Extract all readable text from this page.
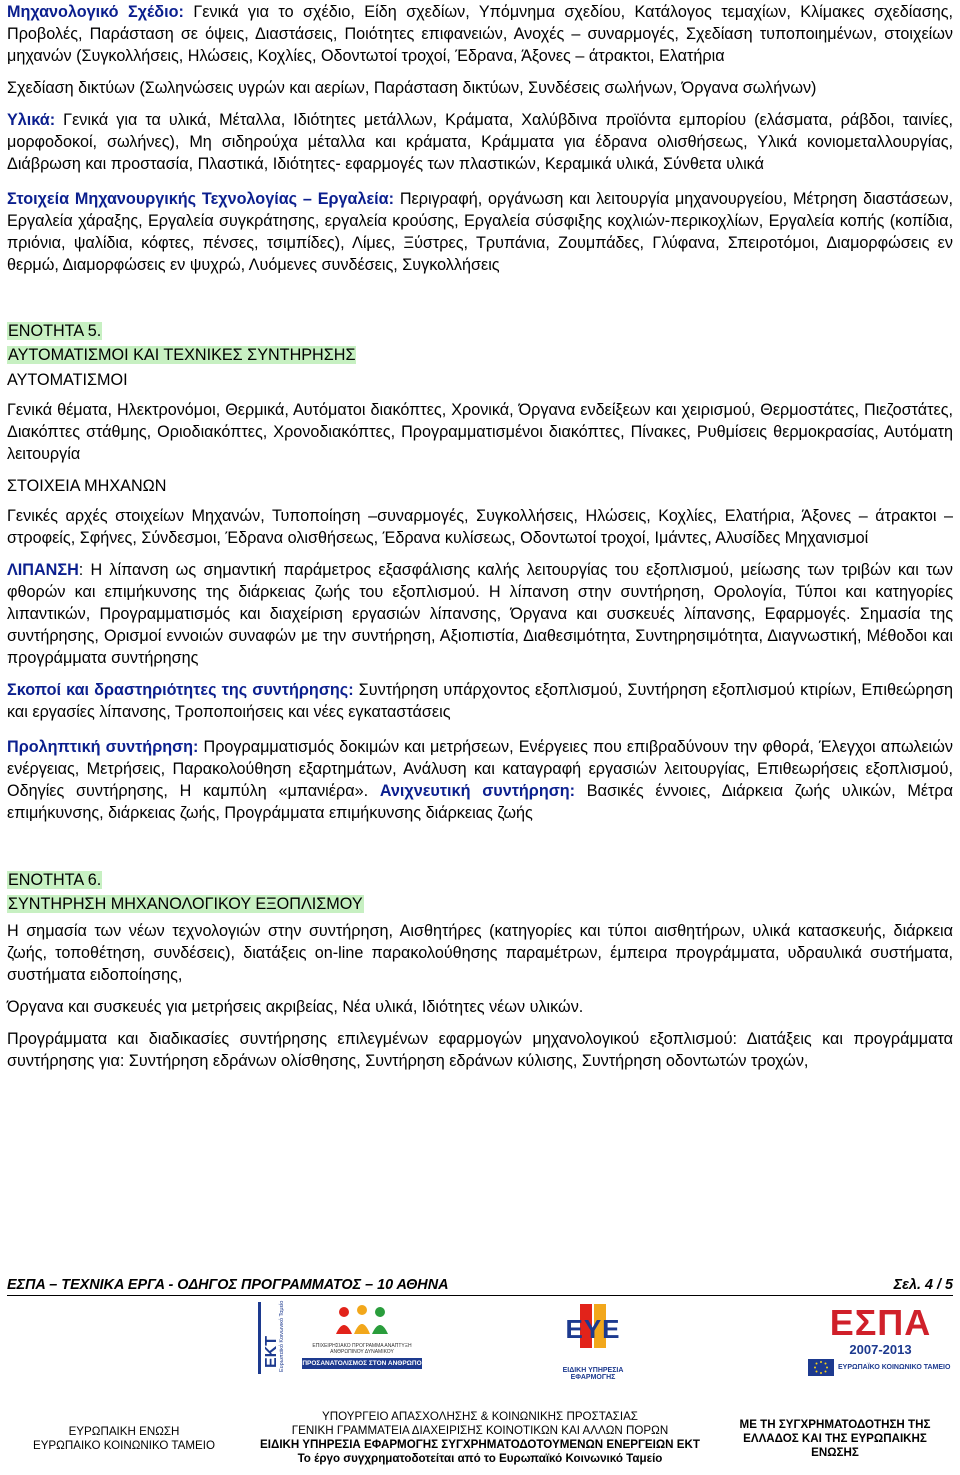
Μηχανολογικό Σχέδιο: Γενικά για το σχέδιο, Είδη σχεδίων, Υπόμνημα σχεδίου, Κατάλογος τεμαχίων, Κλίμακες σχεδίασης, Προβολές, Παράσταση σε όψεις, Διαστάσεις, Ποιότητες επιφανειών, Ανοχές – συναρμογές, Σχεδίαση τυποποιημένων, στοιχείων μηχανών (Συγκολλήσεις, Ηλώσεις, Κοχλίες, Οδοντωτοί τροχοί, Έδρανα, Άξονες – άτρακτοι, Ελατήρια

Σχεδίαση δικτύων (Σωληνώσεις υγρών και αερίων, Παράσταση δικτύων, Συνδέσεις σωλήνων, Όργανα σωλήνων)

Υλικά: Γενικά για τα υλικά, Μέταλλα, Ιδιότητες μετάλλων, Κράματα, Χαλύβδινα προϊόντα εμπορίου (ελάσματα, ράβδοι, ταινίες, μορφοδοκοί, σωλήνες), Μη σιδηρούχα μέταλλα και κράματα, Κράμματα για έδρανα ολισθήσεως, Υλικά κονιομεταλλουργίας, Διάβρωση και προστασία, Πλαστικά, Ιδιότητες- εφαρμογές των πλαστικών, Κεραμικά υλικά, Σύνθετα υλικά

Στοιχεία Μηχανουργικής Τεχνολογίας – Εργαλεία: Περιγραφή, οργάνωση και λειτουργία μηχανουργείου, Μέτρηση διαστάσεων, Εργαλεία χάραξης, Εργαλεία συγκράτησης, εργαλεία κρούσης, Εργαλεία σύσφιξης κοχλιών-περικοχλίων, Εργαλεία κοπής (κοπίδια, πριόνια, ψαλίδια, κόφτες, πένσες, τσιμπίδες), Λίμες, Ξύστρες, Τρυπάνια, Ζουμπάδες, Γλύφανα, Σπειροτόμοι, Διαμορφώσεις εν θερμώ, Διαμορφώσεις εν ψυχρώ, Λυόμενες συνδέσεις, Συγκολλήσεις

ΕΝΟΤΗΤΑ 5.
ΑΥΤΟΜΑΤΙΣΜΟΙ ΚΑΙ ΤΕΧΝΙΚΕΣ ΣΥΝΤΗΡΗΣΗΣ

ΑΥΤΟΜΑΤΙΣΜΟΙ

Γενικά θέματα, Ηλεκτρονόμοι, Θερμικά, Αυτόματοι διακόπτες, Χρονικά, Όργανα ενδείξεων και χειρισμού, Θερμοστάτες, Πιεζοστάτες, Διακόπτες στάθμης, Οριοδιακόπτες, Χρονοδιακόπτες, Προγραμματισμένοι διακόπτες, Πίνακες, Ρυθμίσεις θερμοκρασίας, Αυτόματη λειτουργία

ΣΤΟΙΧΕΙΑ ΜΗΧΑΝΩΝ

Γενικές αρχές στοιχείων Μηχανών, Τυποποίηση –συναρμογές, Συγκολλήσεις, Ηλώσεις, Κοχλίες, Ελατήρια, Άξονες – άτρακτοι – στροφείς, Σφήνες, Σύνδεσμοι, Έδρανα ολισθήσεως, Έδρανα κυλίσεως, Οδοντωτοί τροχοί, Ιμάντες, Αλυσίδες Μηχανισμοί

ΛΙΠΑΝΣΗ: Η λίπανση ως σημαντική παράμετρος εξασφάλισης καλής λειτουργίας του εξοπλισμού, μείωσης των τριβών και των φθορών και επιμήκυνσης της διάρκειας ζωής του εξοπλισμού. Η λίπανση στην συντήρηση, Ορολογία, Τύποι και κατηγορίες λιπαντικών, Προγραμματισμός και διαχείριση εργασιών λίπανσης, Όργανα και συσκευές λίπανσης, Εφαρμογές. Σημασία της συντήρησης, Ορισμοί εννοιών συναφών με την συντήρηση, Αξιοπιστία, Διαθεσιμότητα, Συντηρησιμότητα, Διαγνωστική, Μέθοδοι και προγράμματα συντήρησης

Σκοποί και δραστηριότητες της συντήρησης: Συντήρηση υπάρχοντος εξοπλισμού, Συντήρηση εξοπλισμού κτιρίων, Επιθεώρηση και εργασίες λίπανσης, Τροποποιήσεις και νέες εγκαταστάσεις

Προληπτική συντήρηση: Προγραμματισμός δοκιμών και μετρήσεων, Ενέργειες που επιβραδύνουν την φθορά, Έλεγχοι απωλειών ενέργειας, Μετρήσεις, Παρακολούθηση εξαρτημάτων, Ανάλυση και καταγραφή εργασιών λειτουργίας, Επιθεωρήσεις εξοπλισμού, Οδηγίες συντήρησης, Η καμπύλη «μπανιέρα». Ανιχνευτική συντήρηση: Βασικές έννοιες, Διάρκεια ζωής υλικών, Μέτρα επιμήκυνσης, διάρκειας ζωής, Προγράμματα επιμήκυνσης διάρκειας ζωής

ΕΝΟΤΗΤΑ 6.
ΣΥΝΤΗΡΗΣΗ ΜΗΧΑΝΟΛΟΓΙΚΟΥ ΕΞΟΠΛΙΣΜΟΥ

Η σημασία των νέων τεχνολογιών στην συντήρηση, Αισθητήρες (κατηγορίες και τύποι αισθητήρων, υλικά κατασκευής, διάρκεια ζωής, τοποθέτηση, συνδέσεις), διατάξεις on-line παρακολούθησης παραμέτρων, έμπειρα προγράμματα, υδραυλικά συστήματα, συστήματα ειδοποίησης,

Όργανα και συσκευές για μετρήσεις ακριβείας, Νέα υλικά, Ιδιότητες νέων υλικών.

Προγράμματα και διαδικασίες συντήρησης επιλεγμένων εφαρμογών μηχανολογικού εξοπλισμού: Διατάξεις και προγράμματα συντήρησης για: Συντήρηση εδράνων ολίσθησης, Συντήρηση εδράνων κύλισης, Συντήρηση οδοντωτών τροχών,

ΕΣΠΑ – ΤΕΧΝΙΚΑ ΕΡΓΑ - ΟΔΗΓΟΣ ΠΡΟΓΡΑΜΜΑΤΟΣ – 10 ΑΘΗΝΑ	Σελ. 4 / 5
ΕΚΤ Ευρωπαϊκό Κοινωνικό Ταμείο	ΕΠΙΧΕΙΡΗΣΙΑΚΟ ΠΡΟΓΡΑΜΜΑ ΑΝΑΠΤΥΞΗ ΑΝΘΡΩΠΙΝΟΥ ΔΥΝΑΜΙΚΟΥ
ΠΡΟΣΑΝΑΤΟΛΙΣΜΟΣ ΣΤΟΝ ΑΝΘΡΩΠΟ
ΕΥΕ
ΕΙΔΙΚΗ ΥΠΗΡΕΣΙΑ ΕΦΑΡΜΟΓΗΣ
ΕΣΠΑ
2007-2013
ΕΥΡΩΠΑΪΚΟ ΚΟΙΝΩΝΙΚΟ ΤΑΜΕΙΟ
ΕΥΡΩΠΑΙΚΗ ΕΝΩΣΗ
ΕΥΡΩΠΑΙΚΟ ΚΟΙΝΩΝΙΚΟ ΤΑΜΕΙΟ
ΥΠΟΥΡΓΕΙΟ ΑΠΑΣΧΟΛΗΣΗΣ & ΚΟΙΝΩΝΙΚΗΣ ΠΡΟΣΤΑΣΙΑΣ
ΓΕΝΙΚΗ ΓΡΑΜΜΑΤΕΙΑ ΔΙΑΧΕΙΡΙΣΗΣ ΚΟΙΝΟΤΙΚΩΝ ΚΑΙ ΑΛΛΩΝ ΠΟΡΩΝ
ΕΙΔΙΚΗ ΥΠΗΡΕΣΙΑ ΕΦΑΡΜΟΓΗΣ ΣΥΓΧΡΗΜΑΤΟΔΟΤΟΥΜΕΝΩΝ ΕΝΕΡΓΕΙΩΝ ΕΚΤ
Το έργο συγχρηματοδοτείται από το Ευρωπαϊκό Κοινωνικό Ταμείο
ΜΕ ΤΗ ΣΥΓΧΡΗΜΑΤΟΔΟΤΗΣΗ ΤΗΣ
ΕΛΛΑΔΟΣ ΚΑΙ ΤΗΣ ΕΥΡΩΠΑΙΚΗΣ
ΕΝΩΣΗΣ
